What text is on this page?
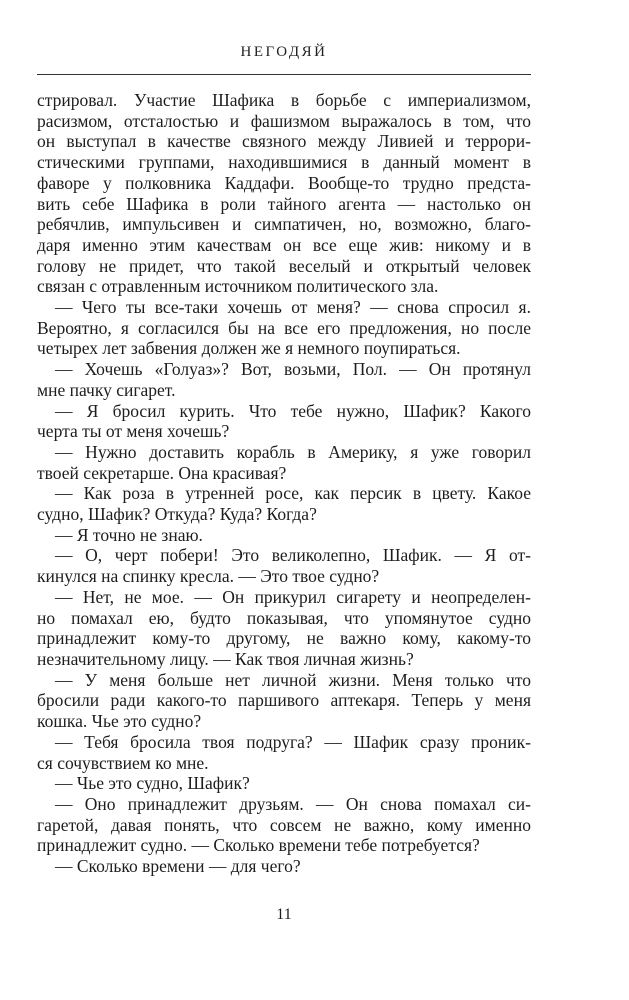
НЕГОДЯЙ
стрировал. Участие Шафика в борьбе с империализмом,
расизмом, отсталостью и фашизмом выражалось в том, что
он выступал в качестве связного между Ливией и террори-
стическими группами, находившимися в данный момент в
фаворе у полковника Каддафи. Вообще-то трудно предста-
вить себе Шафика в роли тайного агента — настолько он
ребячлив, импульсивен и симпатичен, но, возможно, благо-
даря именно этим качествам он все еще жив: никому и в
голову не придет, что такой веселый и открытый человек
связан с отравленным источником политического зла.
— Чего ты все-таки хочешь от меня? — снова спросил я.
Вероятно, я согласился бы на все его предложения, но после
четырех лет забвения должен же я немного поупираться.
— Хочешь «Голуаз»? Вот, возьми, Пол. — Он протянул
мне пачку сигарет.
— Я бросил курить. Что тебе нужно, Шафик? Какого
черта ты от меня хочешь?
— Нужно доставить корабль в Америку, я уже говорил
твоей секретарше. Она красивая?
— Как роза в утренней росе, как персик в цвету. Какое
судно, Шафик? Откуда? Куда? Когда?
— Я точно не знаю.
— О, черт побери! Это великолепно, Шафик. — Я от-
кинулся на спинку кресла. — Это твое судно?
— Нет, не мое. — Он прикурил сигарету и неопределен-
но помахал ею, будто показывая, что упомянутое судно
принадлежит кому-то другому, не важно кому, какому-то
незначительному лицу. — Как твоя личная жизнь?
— У меня больше нет личной жизни. Меня только что
бросили ради какого-то паршивого аптекаря. Теперь у меня
кошка. Чье это судно?
— Тебя бросила твоя подруга? — Шафик сразу проник-
ся сочувствием ко мне.
— Чье это судно, Шафик?
— Оно принадлежит друзьям. — Он снова помахал си-
гаретой, давая понять, что совсем не важно, кому именно
принадлежит судно. — Сколько времени тебе потребуется?
— Сколько времени — для чего?
11
